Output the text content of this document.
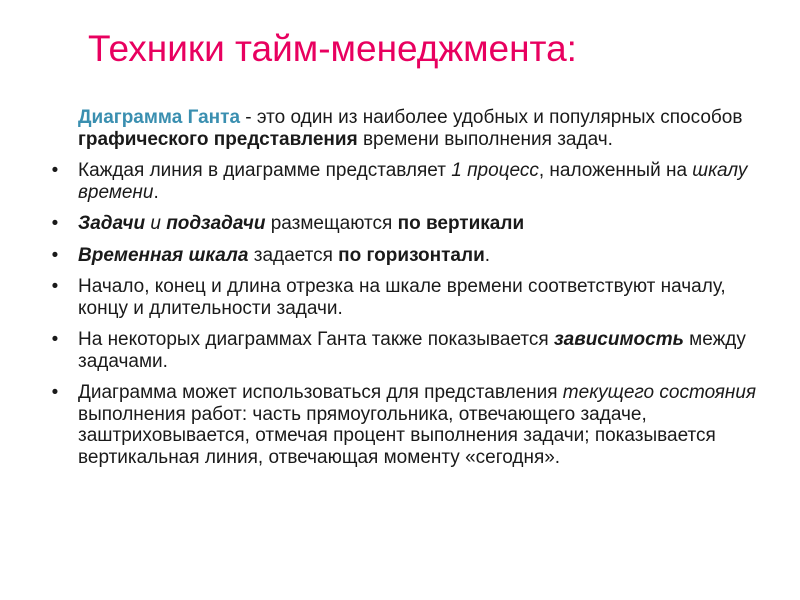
Техники тайм-менеджмента:

Диаграмма Ганта - это один из наиболее удобных и популярных способов графического представления времени выполнения задач.

• Каждая линия в диаграмме представляет 1 процесс, наложенный на шкалу времени.

• Задачи и подзадачи размещаются по вертикали

• Временная шкала задается по горизонтали.

• Начало, конец и длина отрезка на шкале времени соответствуют началу, концу и длительности задачи.

• На некоторых диаграммах Ганта также показывается зависимость между задачами.

• Диаграмма может использоваться для представления текущего состояния выполнения работ: часть прямоугольника, отвечающего задаче, заштриховывается, отмечая процент выполнения задачи; показывается вертикальная линия, отвечающая моменту «сегодня».
